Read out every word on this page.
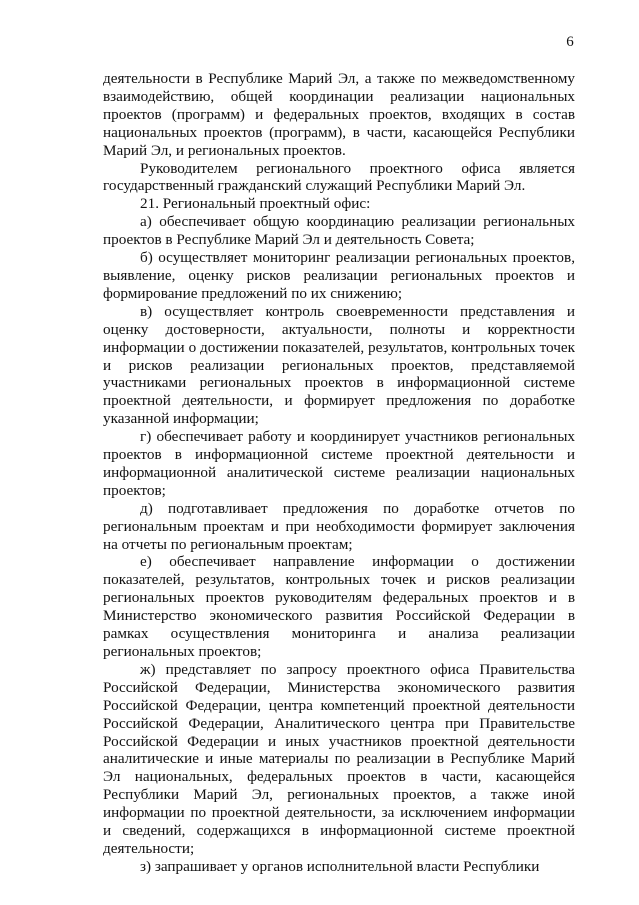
6

деятельности в Республике Марий Эл, а также по межведомственному взаимодействию, общей координации реализации национальных проектов (программ) и федеральных проектов, входящих в состав национальных проектов (программ), в части, касающейся Республики Марий Эл, и региональных проектов.

Руководителем регионального проектного офиса является государственный гражданский служащий Республики Марий Эл.

21. Региональный проектный офис:

а) обеспечивает общую координацию реализации региональных проектов в Республике Марий Эл и деятельность Совета;

б) осуществляет мониторинг реализации региональных проектов, выявление, оценку рисков реализации региональных проектов и формирование предложений по их снижению;

в) осуществляет контроль своевременности представления и оценку достоверности, актуальности, полноты и корректности информации о достижении показателей, результатов, контрольных точек и рисков реализации региональных проектов, представляемой участниками региональных проектов в информационной системе проектной деятельности, и формирует предложения по доработке указанной информации;

г) обеспечивает работу и координирует участников региональных проектов в информационной системе проектной деятельности и информационной аналитической системе реализации национальных проектов;

д) подготавливает предложения по доработке отчетов по региональным проектам и при необходимости формирует заключения на отчеты по региональным проектам;

е) обеспечивает направление информации о достижении показателей, результатов, контрольных точек и рисков реализации региональных проектов руководителям федеральных проектов и в Министерство экономического развития Российской Федерации в рамках осуществления мониторинга и анализа реализации региональных проектов;

ж) представляет по запросу проектного офиса Правительства Российской Федерации, Министерства экономического развития Российской Федерации, центра компетенций проектной деятельности Российской Федерации, Аналитического центра при Правительстве Российской Федерации и иных участников проектной деятельности аналитические и иные материалы по реализации в Республике Марий Эл национальных, федеральных проектов в части, касающейся Республики Марий Эл, региональных проектов, а также иной информации по проектной деятельности, за исключением информации и сведений, содержащихся в информационной системе проектной деятельности;

з) запрашивает у органов исполнительной власти Республики
